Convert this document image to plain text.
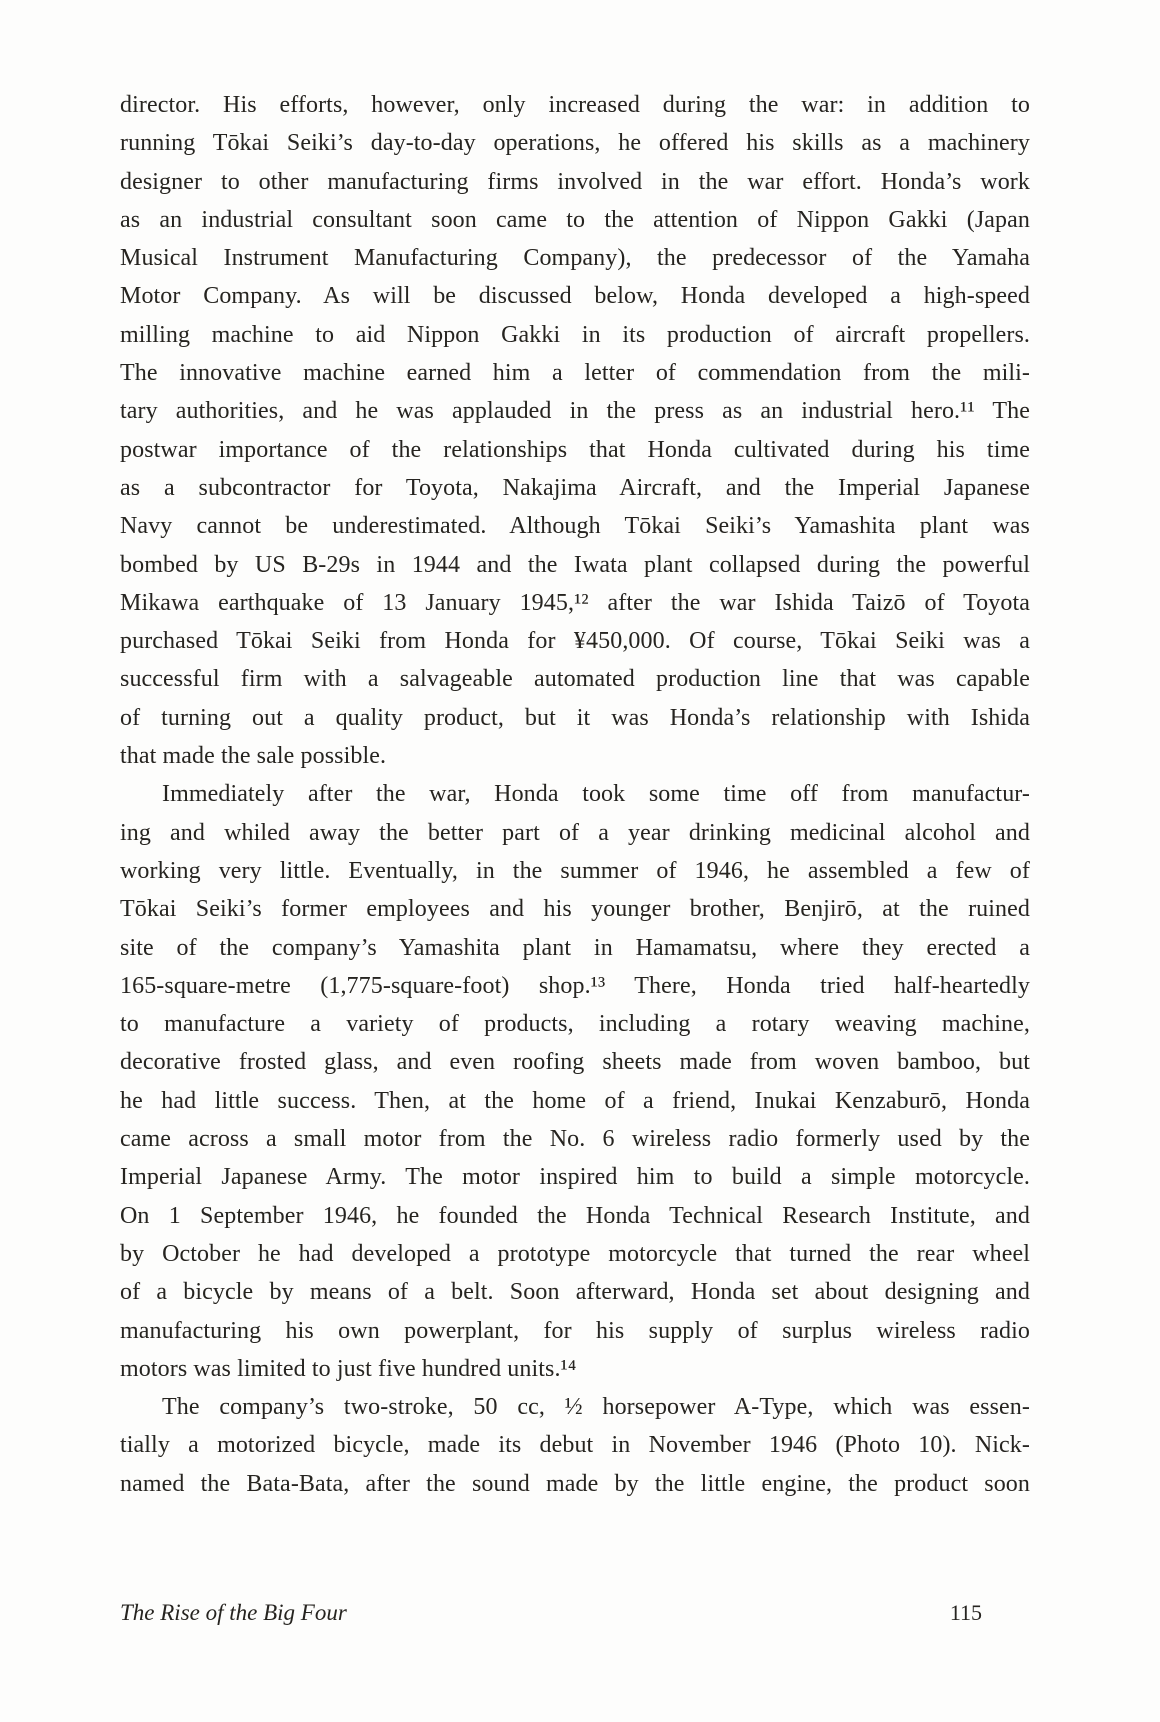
director. His efforts, however, only increased during the war: in addition to
running Tōkai Seiki’s day-to-day operations, he offered his skills as a machinery
designer to other manufacturing firms involved in the war effort. Honda’s work
as an industrial consultant soon came to the attention of Nippon Gakki (Japan
Musical Instrument Manufacturing Company), the predecessor of the Yamaha
Motor Company. As will be discussed below, Honda developed a high-speed
milling machine to aid Nippon Gakki in its production of aircraft propellers.
The innovative machine earned him a letter of commendation from the mili-
tary authorities, and he was applauded in the press as an industrial hero.¹¹ The
postwar importance of the relationships that Honda cultivated during his time
as a subcontractor for Toyota, Nakajima Aircraft, and the Imperial Japanese
Navy cannot be underestimated. Although Tōkai Seiki’s Yamashita plant was
bombed by US B-29s in 1944 and the Iwata plant collapsed during the powerful
Mikawa earthquake of 13 January 1945,¹² after the war Ishida Taizō of Toyota
purchased Tōkai Seiki from Honda for ¥450,000. Of course, Tōkai Seiki was a
successful firm with a salvageable automated production line that was capable
of turning out a quality product, but it was Honda’s relationship with Ishida
that made the sale possible.
Immediately after the war, Honda took some time off from manufactur-
ing and whiled away the better part of a year drinking medicinal alcohol and
working very little. Eventually, in the summer of 1946, he assembled a few of
Tōkai Seiki’s former employees and his younger brother, Benjirō, at the ruined
site of the company’s Yamashita plant in Hamamatsu, where they erected a
165-square-metre (1,775-square-foot) shop.¹³ There, Honda tried half-heartedly
to manufacture a variety of products, including a rotary weaving machine,
decorative frosted glass, and even roofing sheets made from woven bamboo, but
he had little success. Then, at the home of a friend, Inukai Kenzaburō, Honda
came across a small motor from the No. 6 wireless radio formerly used by the
Imperial Japanese Army. The motor inspired him to build a simple motorcycle.
On 1 September 1946, he founded the Honda Technical Research Institute, and
by October he had developed a prototype motorcycle that turned the rear wheel
of a bicycle by means of a belt. Soon afterward, Honda set about designing and
manufacturing his own powerplant, for his supply of surplus wireless radio
motors was limited to just five hundred units.¹⁴
The company’s two-stroke, 50 cc, ½ horsepower A-Type, which was essen-
tially a motorized bicycle, made its debut in November 1946 (Photo 10). Nick-
named the Bata-Bata, after the sound made by the little engine, the product soon
The Rise of the Big Four	115
